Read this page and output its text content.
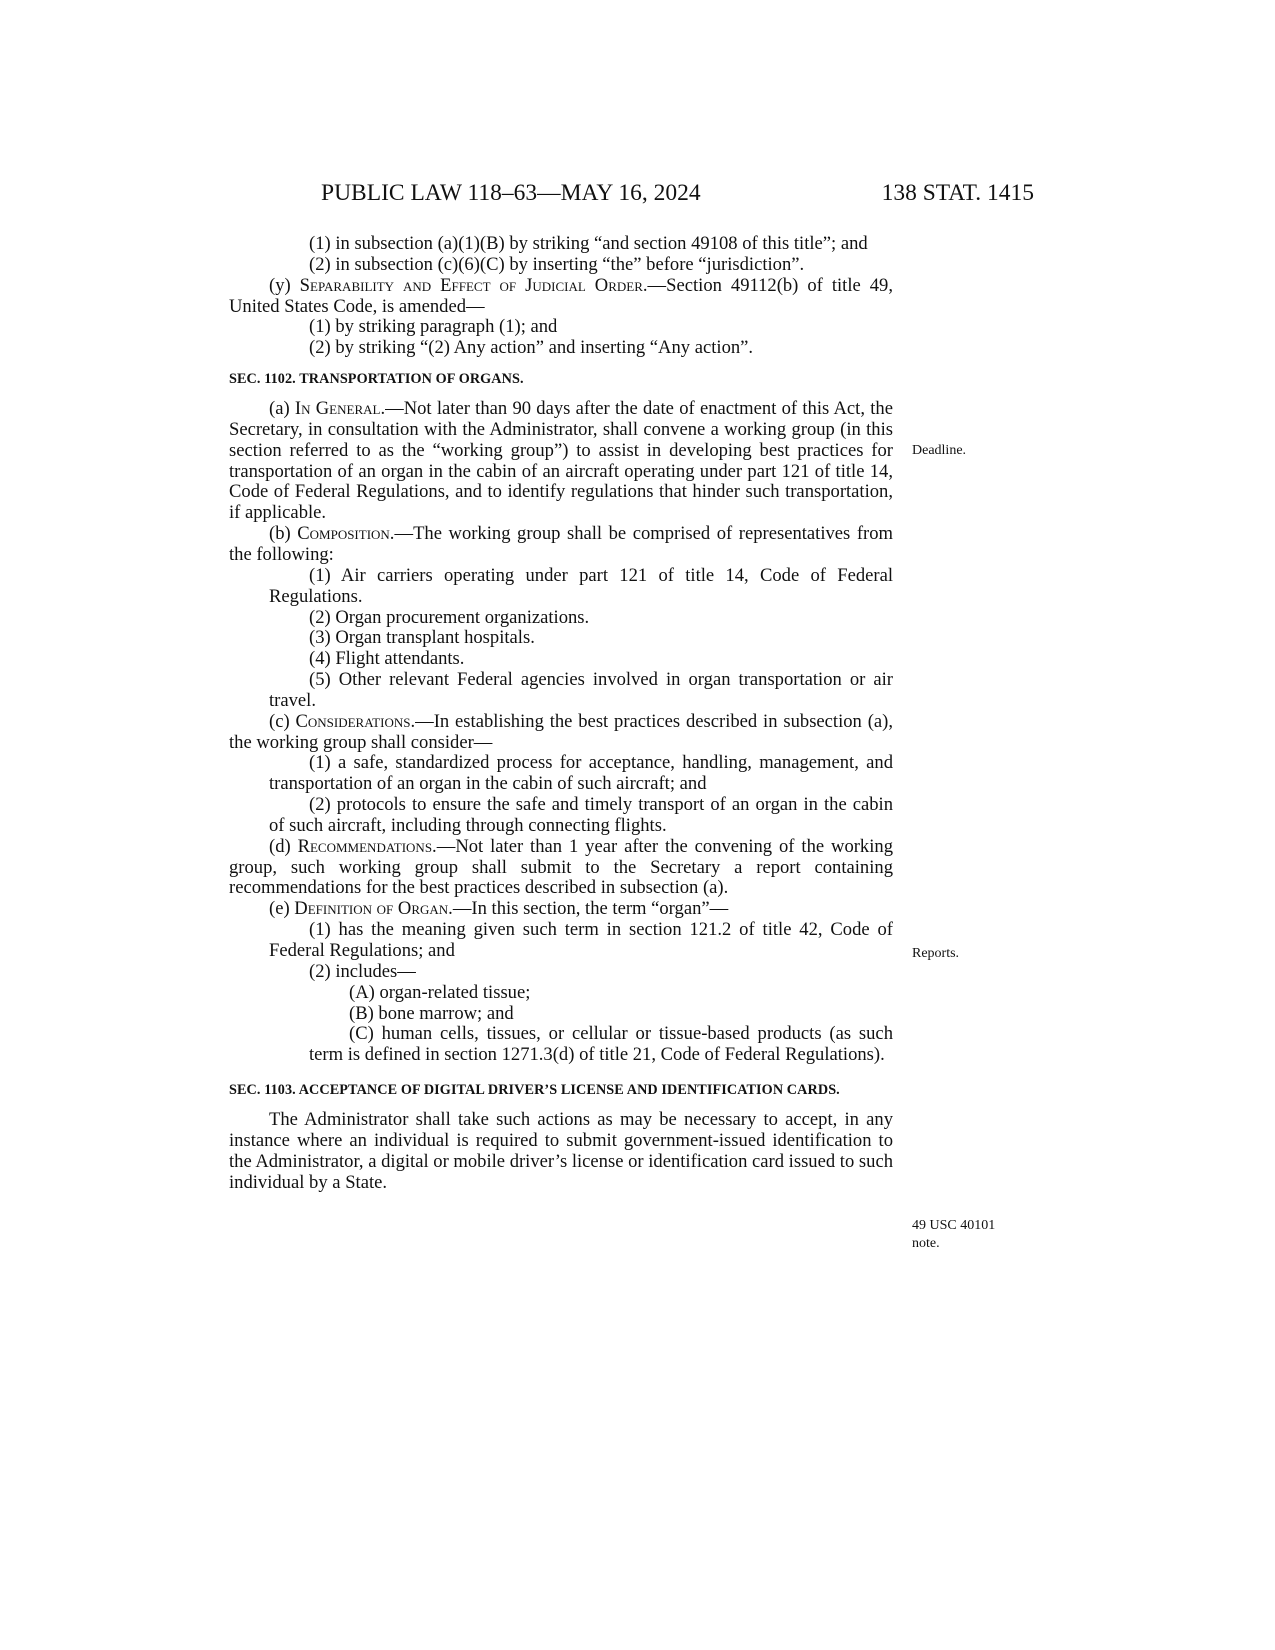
PUBLIC LAW 118–63—MAY 16, 2024	138 STAT. 1415

(1) in subsection (a)(1)(B) by striking “and section 49108 of this title”; and

(2) in subsection (c)(6)(C) by inserting “the” before “jurisdiction”.

(y) Separability and Effect of Judicial Order.—Section 49112(b) of title 49, United States Code, is amended—

(1) by striking paragraph (1); and

(2) by striking “(2) Any action” and inserting “Any action”.

SEC. 1102. TRANSPORTATION OF ORGANS.

(a) In General.—Not later than 90 days after the date of enactment of this Act, the Secretary, in consultation with the Administrator, shall convene a working group (in this section referred to as the “working group”) to assist in developing best practices for transportation of an organ in the cabin of an aircraft operating under part 121 of title 14, Code of Federal Regulations, and to identify regulations that hinder such transportation, if applicable.

(b) Composition.—The working group shall be comprised of representatives from the following:

(1) Air carriers operating under part 121 of title 14, Code of Federal Regulations.

(2) Organ procurement organizations.

(3) Organ transplant hospitals.

(4) Flight attendants.

(5) Other relevant Federal agencies involved in organ transportation or air travel.

(c) Considerations.—In establishing the best practices described in subsection (a), the working group shall consider—

(1) a safe, standardized process for acceptance, handling, management, and transportation of an organ in the cabin of such aircraft; and

(2) protocols to ensure the safe and timely transport of an organ in the cabin of such aircraft, including through connecting flights.

(d) Recommendations.—Not later than 1 year after the convening of the working group, such working group shall submit to the Secretary a report containing recommendations for the best practices described in subsection (a).

(e) Definition of Organ.—In this section, the term “organ”—

(1) has the meaning given such term in section 121.2 of title 42, Code of Federal Regulations; and

(2) includes—

(A) organ-related tissue;

(B) bone marrow; and

(C) human cells, tissues, or cellular or tissue-based products (as such term is defined in section 1271.3(d) of title 21, Code of Federal Regulations).

SEC. 1103. ACCEPTANCE OF DIGITAL DRIVER’S LICENSE AND IDENTIFICATION CARDS.

The Administrator shall take such actions as may be necessary to accept, in any instance where an individual is required to submit government-issued identification to the Administrator, a digital or mobile driver’s license or identification card issued to such individual by a State.

Deadline.
Reports.
49 USC 40101
note.
